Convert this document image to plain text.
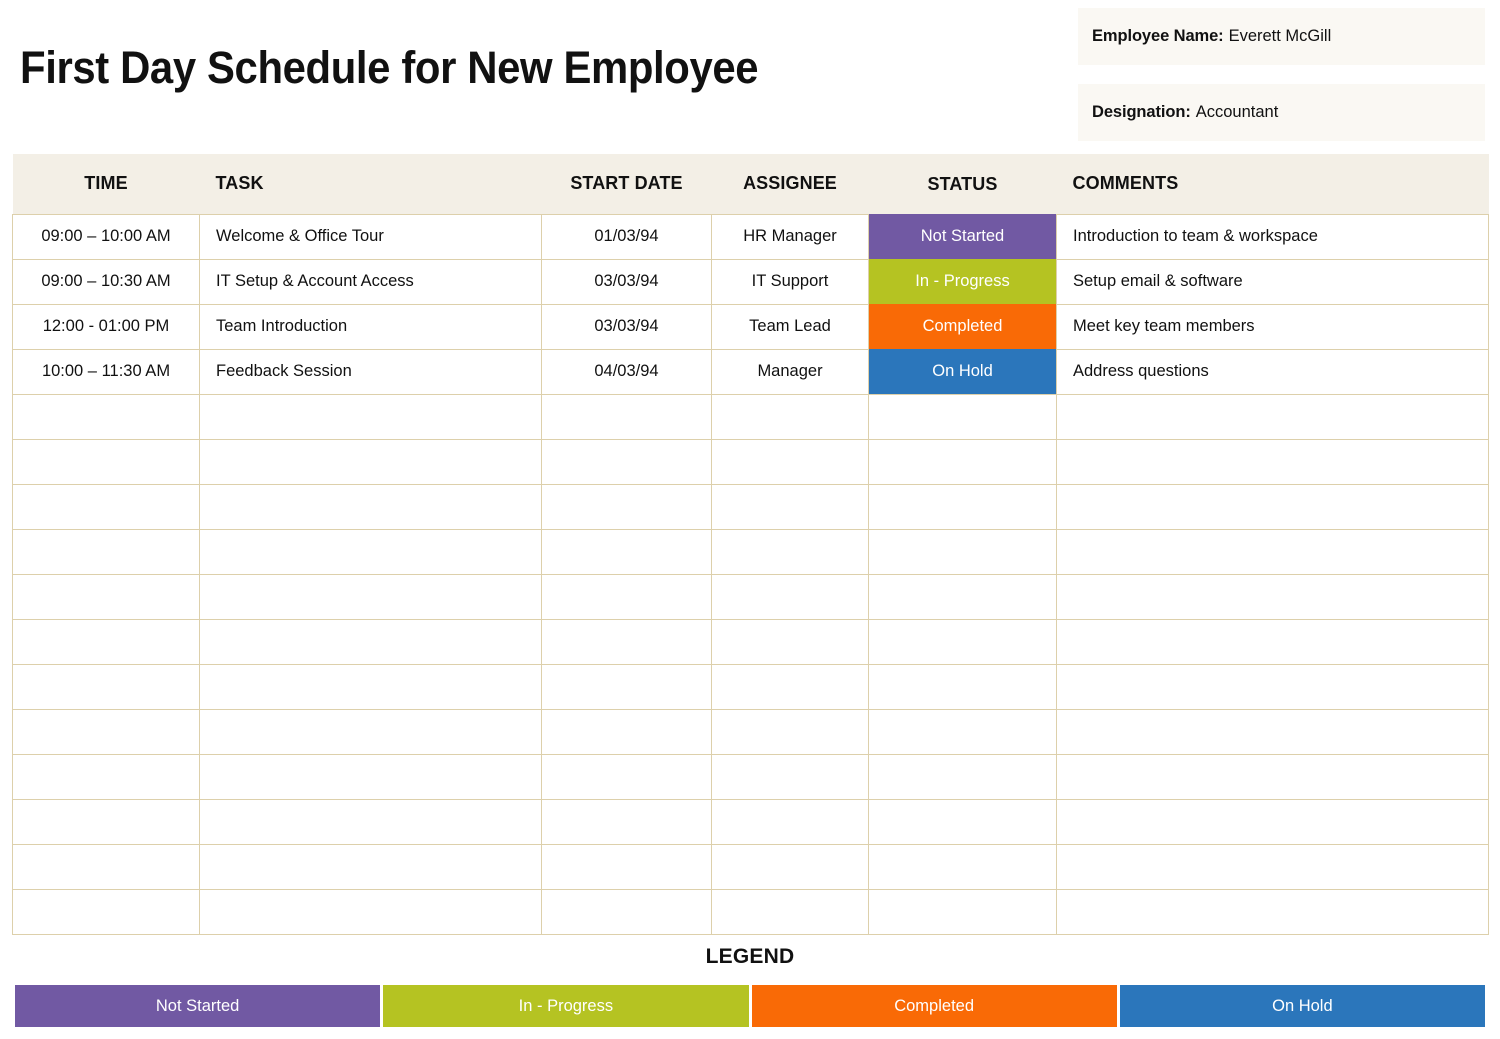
First Day Schedule for New Employee
Employee Name: Everett McGill
Designation: Accountant
TIME	TASK	START DATE	ASSIGNEE	STATUS	COMMENTS
09:00 – 10:00 AM	Welcome & Office Tour	01/03/94	HR Manager	Not Started	Introduction to team & workspace
09:00 – 10:30 AM	IT Setup & Account Access	03/03/94	IT Support	In - Progress	Setup email & software
12:00 - 01:00 PM	Team Introduction	03/03/94	Team Lead	Completed	Meet key team members
10:00 – 11:30 AM	Feedback Session	04/03/94	Manager	On Hold	Address questions

LEGEND
Not Started	In - Progress	Completed	On Hold
